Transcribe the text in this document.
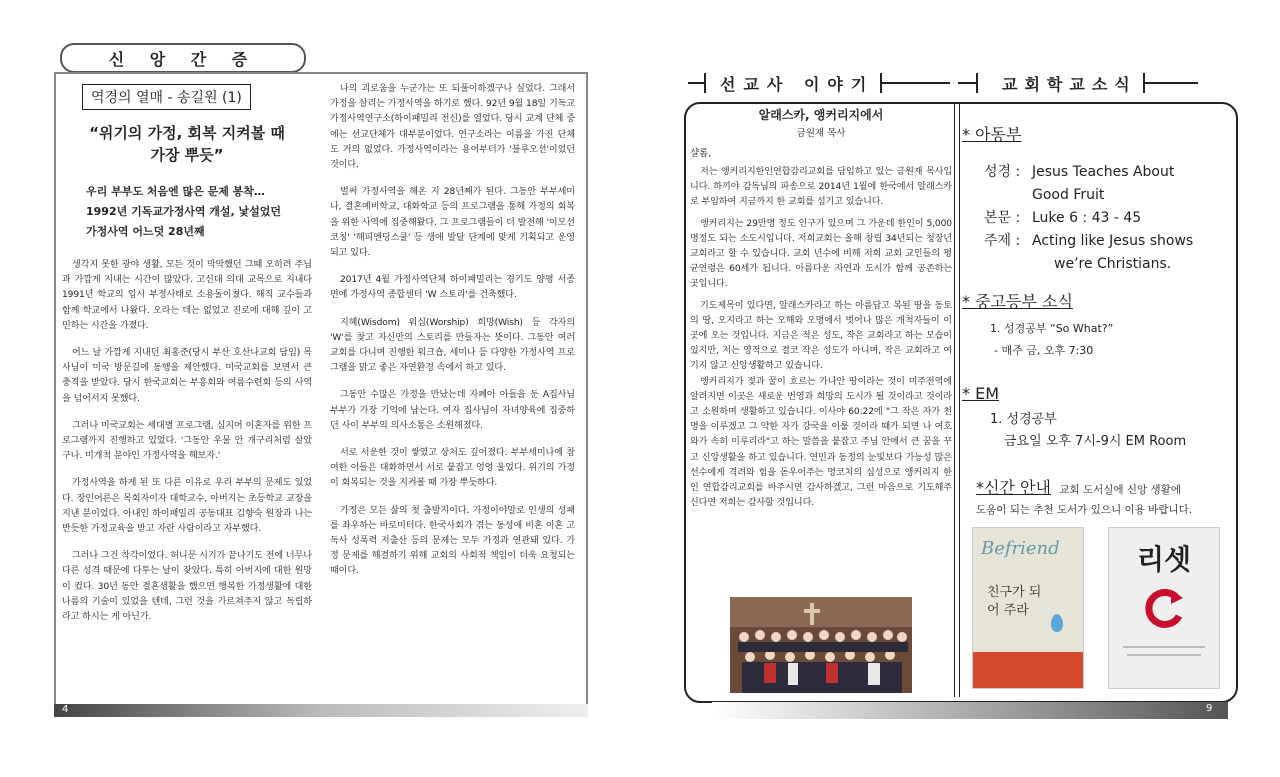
신 앙 간 증
역경의 열매 - 송길원 (1)
“위기의 가정, 회복 지켜볼 때
가장 뿌듯”
우리 부부도 처음엔 많은 문제 봉착…
1992년 기독교가정사역 개설, 낯설었던
가정사역 어느덧 28년째

생각지 못한 광야 생활, 모든 것이 막막했던 그때 오히려 주님과 가깝게 지내는 시간이 많았다. 고신대 의대 교목으로 지내다 1991년 학교의 입시 부정사태로 소용돌이쳤다. 해직 교수들과 함께 학교에서 나왔다. 오라는 데는 없었고 진로에 대해 깊이 고민하는 시간을 가졌다.

어느 날 가깝게 지내던 최홍준(당시 부산 호산나교회 담임) 목사님이 미국 방문길에 동행을 제안했다. 미국교회를 보면서 큰 충격을 받았다. 당시 한국교회는 부흥회와 여름수련회 등의 사역을 넘어서지 못했다.

그러나 미국교회는 세대별 프로그램, 심지어 이혼자를 위한 프로그램까지 진행하고 있었다. '그동안 우물 안 개구리처럼 살았구나. 미개척 분야인 가정사역을 해보자.'

가정사역을 하게 된 또 다른 이유로 우리 부부의 문제도 있었다. 장인어른은 목회자이자 대학교수, 아버지는 초등학교 교장을 지낸 분이었다. 아내인 하이패밀리 공동대표 김향숙 원장과 나는 반듯한 가정교육을 받고 자란 사람이라고 자부했다.

그러나 그건 착각이었다. 허니문 시기가 끝나기도 전에 너무나 다른 성격 때문에 다투는 날이 잦았다. 특히 아버지에 대한 원망이 컸다. 30년 동안 결혼생활을 했으면 행복한 가정생활에 대한 나름의 기술이 있었을 텐데, 그런 것을 가르쳐주지 않고 독립하라고 하시는 게 아닌가.

나의 괴로움을 누군가는 또 되풀이하겠구나 싶었다. 그래서 가정을 살리는 가정사역을 하기로 했다. 92년 9월 18일 기독교가정사역연구소(하이패밀리 전신)를 열었다. 당시 교계 단체 중에는 선교단체가 대부분이었다. 연구소라는 이름을 가진 단체도 거의 없었다. 가정사역이라는 용어부터가 '블루오션'이었던 것이다.

벌써 가정사역을 해온 지 28년째가 된다. 그동안 부부세미나, 결혼예비학교, 대화학교 등의 프로그램을 통해 가정의 회복을 위한 사역에 집중해왔다. 그 프로그램들이 더 발전해 '이모션 코칭' '해피엔딩스쿨' 등 생애 발달 단계에 맞게 기획되고 운영되고 있다.

2017년 4월 가정사역단체 하이패밀리는 경기도 양평 서종면에 가정사역 종합센터 'W 스토리'를 건축했다.

지혜(Wisdom) 워십(Worship) 희망(Wish) 등 각자의 'W'를 찾고 자신만의 스토리를 만들자는 뜻이다. 그동안 여러 교회를 다니며 진행한 워크숍, 세미나 등 다양한 가정사역 프로그램을 맑고 좋은 자연환경 속에서 하고 있다.

그동안 수많은 가정을 만났는데 자폐아 아들을 둔 A집사님 부부가 가장 기억에 남는다. 여자 집사님이 자녀양육에 집중하던 사이 부부의 의사소통은 소원해졌다.

서로 서운한 것이 쌓였고 상처도 깊어졌다. 부부세미나에 참여한 이들은 대화하면서 서로 붙잡고 엉엉 울었다. 위기의 가정이 회복되는 것을 지켜볼 때 가장 뿌듯하다.

가정은 모든 삶의 첫 출발지이다. 가정이야말로 인생의 성패를 좌우하는 바로미터다. 한국사회가 겪는 동성애 비혼 이혼 고독사 성폭력 저출산 등의 문제는 모두 가정과 연관돼 있다. 가정 문제를 해결하기 위해 교회의 사회적 책임이 더욱 요청되는 때이다.

4
선교사 이야기	교회학교소식
알래스카, 앵커리지에서
금원재 목사
샬롬,

저는 앵커리지한인연합감리교회를 담임하고 있는 금원재 목사입니다. 하끼야 감독님의 파송으로 2014년 1월에 한국에서 알래스카로 부임하여 지금까지 한 교회를 섬기고 있습니다.

앵커리지는 29만명 정도 인구가 있으며 그 가운데 한인이 5,000명정도 되는 소도시입니다. 저희교회는 올해 창립 34년되는 청장년 교회라고 할 수 있습니다. 교회 년수에 비해 저희 교회 교인들의 평균연령은 60세가 됩니다. 아름다운 자연과 도시가 함께 공존하는 곳입니다.

기도제목이 있다면, 알래스카라고 하는 아름답고 복된 땅을 동토의 땅, 오지라고 하는 오해와 오명에서 벗어나 많은 개척자들이 이 곳에 오는 것입니다. 지금은 적은 성도, 작은 교회라고 하는 모습이 있지만, 저는 영적으로 결코 작은 성도가 아니며, 작은 교회라고 여기지 않고 신앙생활하고 있습니다.

앵커리지가 젖과 꿀이 흐르는 가나안 땅이라는 것이 미주전역에 알려지면 이곳은 새로운 번영과 희망의 도시가 될 것이라고 것이라고 소원하며 생활하고 있습니다. 이사야 60:22에 "그 작은 자가 천 명을 이루겠고 그 약한 자가 강국을 이룰 것이라 때가 되면 나 여호와가 속히 이루리라"고 하는 말씀을 붙잡고 주님 안에서 큰 꿈을 꾸고 신앙생활을 하고 있습니다. 연민과 동정의 눈빛보다 가능성 많은 선수에게 격려와 힘을 돋우어주는 명코치의 심성으로 앵커리지 한인 연합감리교회를 바주시면 감사하겠고, 그런 마음으로 기도해주신다면 저희는 감사할 것입니다.

* 아동부
성경 : Jesus Teaches About
Good Fruit
본문 : Luke 6 : 43 - 45
주제 : Acting like Jesus shows
we’re Christians.
* 중고등부 소식
1. 성경공부 “So What?”
- 매주 금, 오후 7:30
* EM
1. 성경공부
금요일 오후 7시-9시 EM Room
*신간 안내 교회 도서실에 신앙 생활에
도움이 되는 추천 도서가 있으니 이용 바랍니다.
Befriend
친구가 되어 주라
리셋
9
